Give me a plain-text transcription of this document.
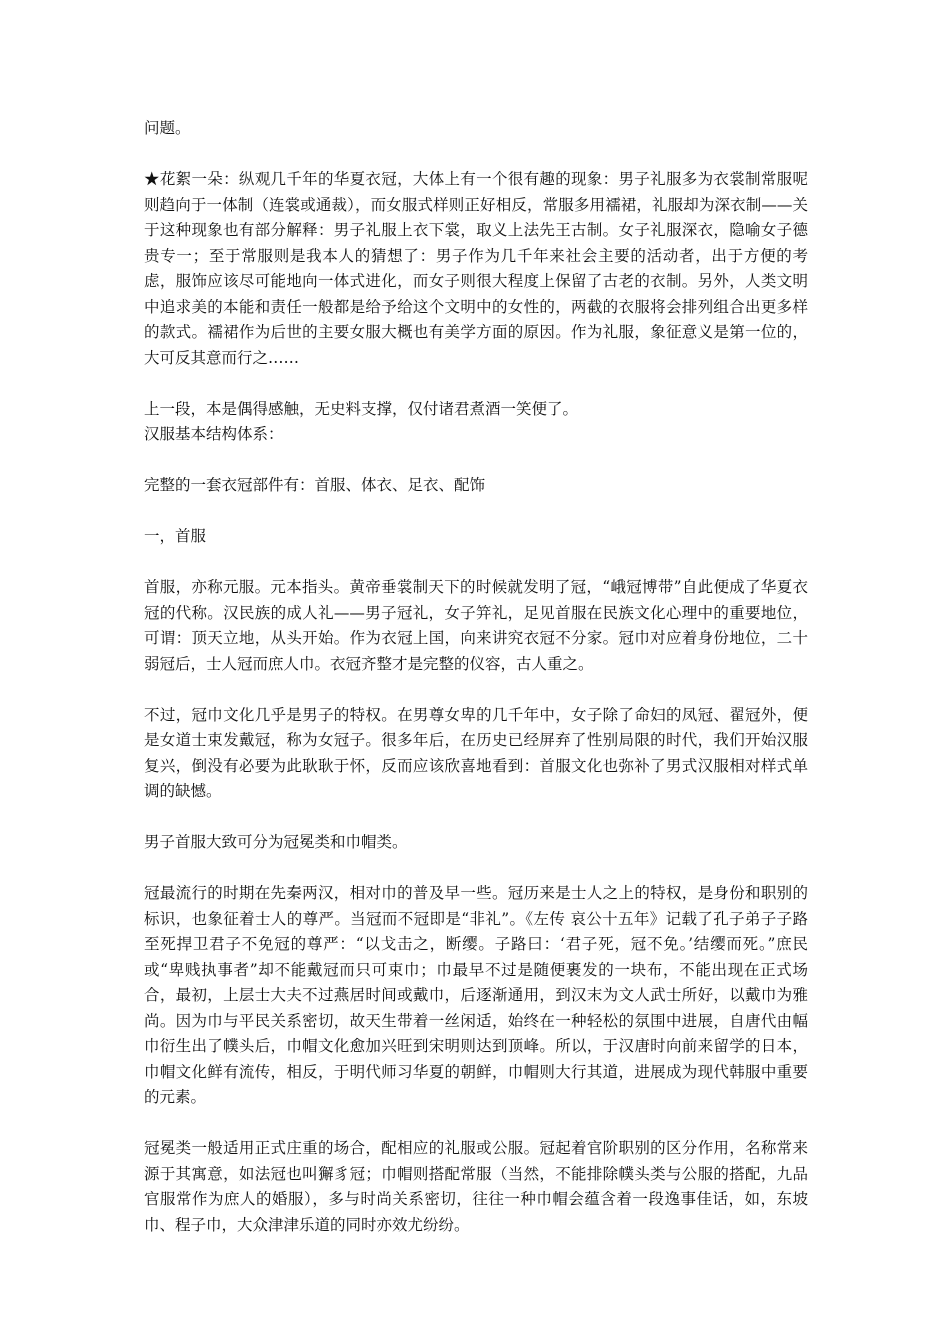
问题。

★花絮一朵：纵观几千年的华夏衣冠，大体上有一个很有趣的现象：男子礼服多为衣裳制常服呢则趋向于一体制（连裳或通裁），而女服式样则正好相反，常服多用襦裙，礼服却为深衣制——关于这种现象也有部分解释：男子礼服上衣下裳，取义上法先王古制。女子礼服深衣，隐喻女子德贵专一；至于常服则是我本人的猜想了：男子作为几千年来社会主要的活动者，出于方便的考虑，服饰应该尽可能地向一体式进化，而女子则很大程度上保留了古老的衣制。另外，人类文明中追求美的本能和责任一般都是给予给这个文明中的女性的，两截的衣服将会排列组合出更多样的款式。襦裙作为后世的主要女服大概也有美学方面的原因。作为礼服，象征意义是第一位的，大可反其意而行之……

上一段，本是偶得感触，无史料支撑，仅付诸君煮酒一笑便了。

汉服基本结构体系：

完整的一套衣冠部件有：首服、体衣、足衣、配饰

一，首服

首服，亦称元服。元本指头。黄帝垂裳制天下的时候就发明了冠，“峨冠博带”自此便成了华夏衣冠的代称。汉民族的成人礼——男子冠礼，女子笄礼，足见首服在民族文化心理中的重要地位，可谓：顶天立地，从头开始。作为衣冠上国，向来讲究衣冠不分家。冠巾对应着身份地位，二十弱冠后，士人冠而庶人巾。衣冠齐整才是完整的仪容，古人重之。

不过，冠巾文化几乎是男子的特权。在男尊女卑的几千年中，女子除了命妇的凤冠、翟冠外，便是女道士束发戴冠，称为女冠子。很多年后，在历史已经屏弃了性别局限的时代，我们开始汉服复兴，倒没有必要为此耿耿于怀，反而应该欣喜地看到：首服文化也弥补了男式汉服相对样式单调的缺憾。

男子首服大致可分为冠冕类和巾帽类。

冠最流行的时期在先秦两汉，相对巾的普及早一些。冠历来是士人之上的特权，是身份和职别的标识，也象征着士人的尊严。当冠而不冠即是“非礼”。《左传 哀公十五年》记载了孔子弟子子路至死捍卫君子不免冠的尊严：“以戈击之，断缨。子路曰：‘君子死，冠不免。’结缨而死。”庶民或“卑贱执事者”却不能戴冠而只可束巾；巾最早不过是随便裹发的一块布，不能出现在正式场合，最初，上层士大夫不过燕居时间或戴巾，后逐渐通用，到汉末为文人武士所好，以戴巾为雅尚。因为巾与平民关系密切，故天生带着一丝闲适，始终在一种轻松的氛围中进展，自唐代由幅巾衍生出了幞头后，巾帽文化愈加兴旺到宋明则达到顶峰。所以，于汉唐时向前来留学的日本，巾帽文化鲜有流传，相反，于明代师习华夏的朝鲜，巾帽则大行其道，进展成为现代韩服中重要的元素。

冠冕类一般适用正式庄重的场合，配相应的礼服或公服。冠起着官阶职别的区分作用，名称常来源于其寓意，如法冠也叫獬豸冠；巾帽则搭配常服（当然，不能排除幞头类与公服的搭配，九品官服常作为庶人的婚服），多与时尚关系密切，往往一种巾帽会蕴含着一段逸事佳话，如，东坡巾、程子巾，大众津津乐道的同时亦效尤纷纷。
